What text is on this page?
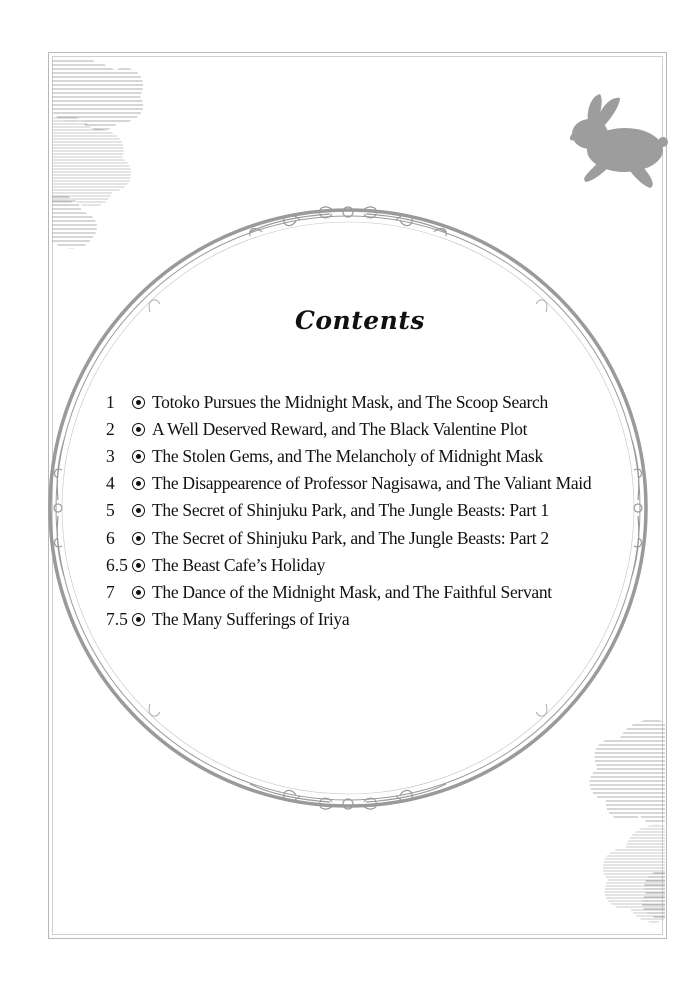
Contents
1	Totoko Pursues the Midnight Mask, and The Scoop Search
2	A Well Deserved Reward, and The Black Valentine Plot
3	The Stolen Gems, and The Melancholy of Midnight Mask
4	The Disappearence of Professor Nagisawa, and The Valiant Maid
5	The Secret of Shinjuku Park, and The Jungle Beasts: Part 1
6	The Secret of Shinjuku Park, and The Jungle Beasts: Part 2
6.5 The Beast Cafe’s Holiday
7	The Dance of the Midnight Mask, and The Faithful Servant
7.5 The Many Sufferings of Iriya
